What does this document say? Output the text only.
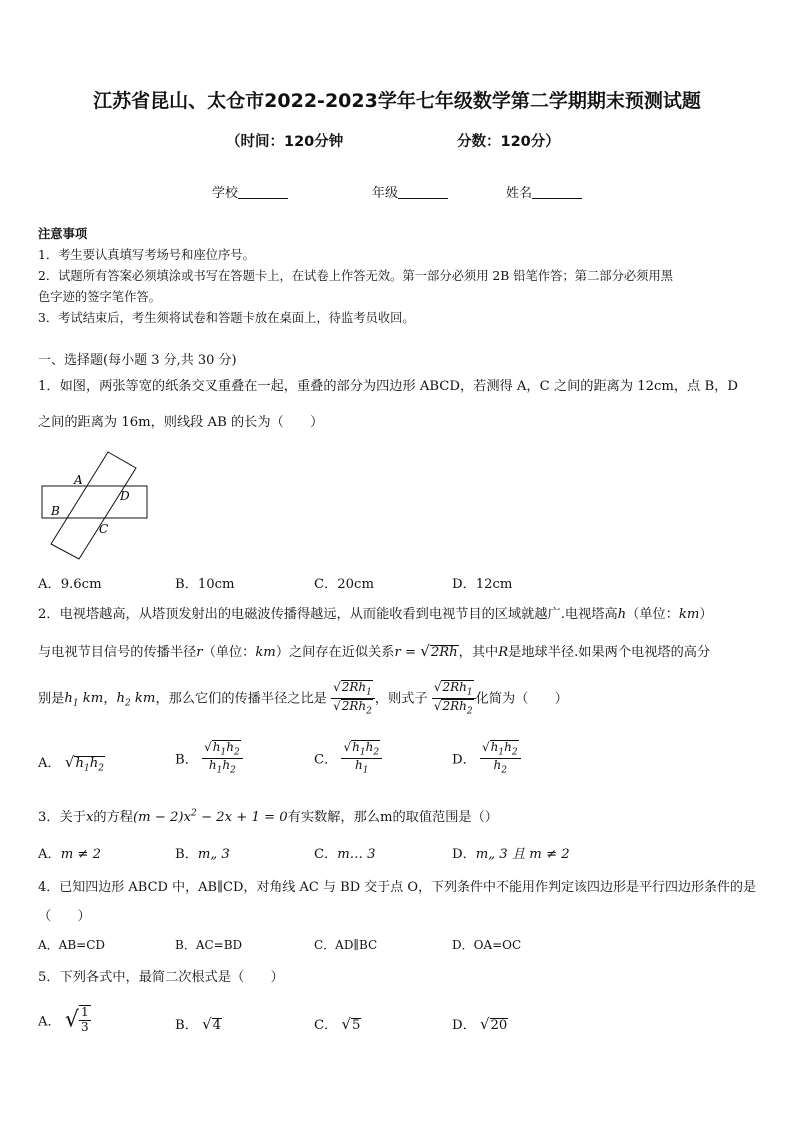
江苏省昆山、太仓市2022-2023学年七年级数学第二学期期末预测试题
（时间：120分钟	分数：120分）
学校	年级	姓名
注意事项
1．考生要认真填写考场号和座位序号。
2．试题所有答案必须填涂或书写在答题卡上，在试卷上作答无效。第一部分必须用 2B 铅笔作答；第二部分必须用黑
色字迹的签字笔作答。
3．考试结束后，考生须将试卷和答题卡放在桌面上，待监考员收回。
一、选择题(每小题 3 分,共 30 分)
1．如图，两张等宽的纸条交叉重叠在一起，重叠的部分为四边形 ABCD，若测得 A，C 之间的距离为 12cm，点 B，D
之间的距离为 16m，则线段 AB 的长为（　　）
A
D
B
C
A．9.6cm	B．10cm	C．20cm	D．12cm
2．电视塔越高，从塔顶发射出的电磁波传播得越远，从而能收看到电视节目的区域就越广.电视塔高h（单位：km）
与电视节目信号的传播半径r（单位：km）之间存在近似关系r = √2Rh，其中R是地球半径.如果两个电视塔的高分
别是$h_1$ km，$h_2$ km，那么它们的传播半径之比是 $\frac{√2Rh_1}{√2Rh_2}$ ，则式子 $\frac{√2Rh_1}{√2Rh_2}$ 化简为（　　）
A． $√h_1h_2$
B． $\frac{√h_1h_2}{h_1h_2}$	C． $\frac{√h_1h_2}{h_1}$	D． $\frac{√h_1h_2}{h_2}$
3．关于x的方程$(m - 2)x^2 - 2x + 1 = 0$有实数解，那么m的取值范围是（）
A．m ≠ 2	B．m„ 3	C．m… 3	D．m„ 3 且 m ≠ 2
4．已知四边形 ABCD 中，AB∥CD，对角线 AC 与 BD 交于点 O，下列条件中不能用作判定该四边形是平行四边形条件的是
（　　）
A．AB=CD	B．AC=BD	C．AD∥BC	D．OA=OC
5．下列各式中，最简二次根式是（　　）
A． √ $\frac{1}{3}$	B． √4	C． √5	D． √20
